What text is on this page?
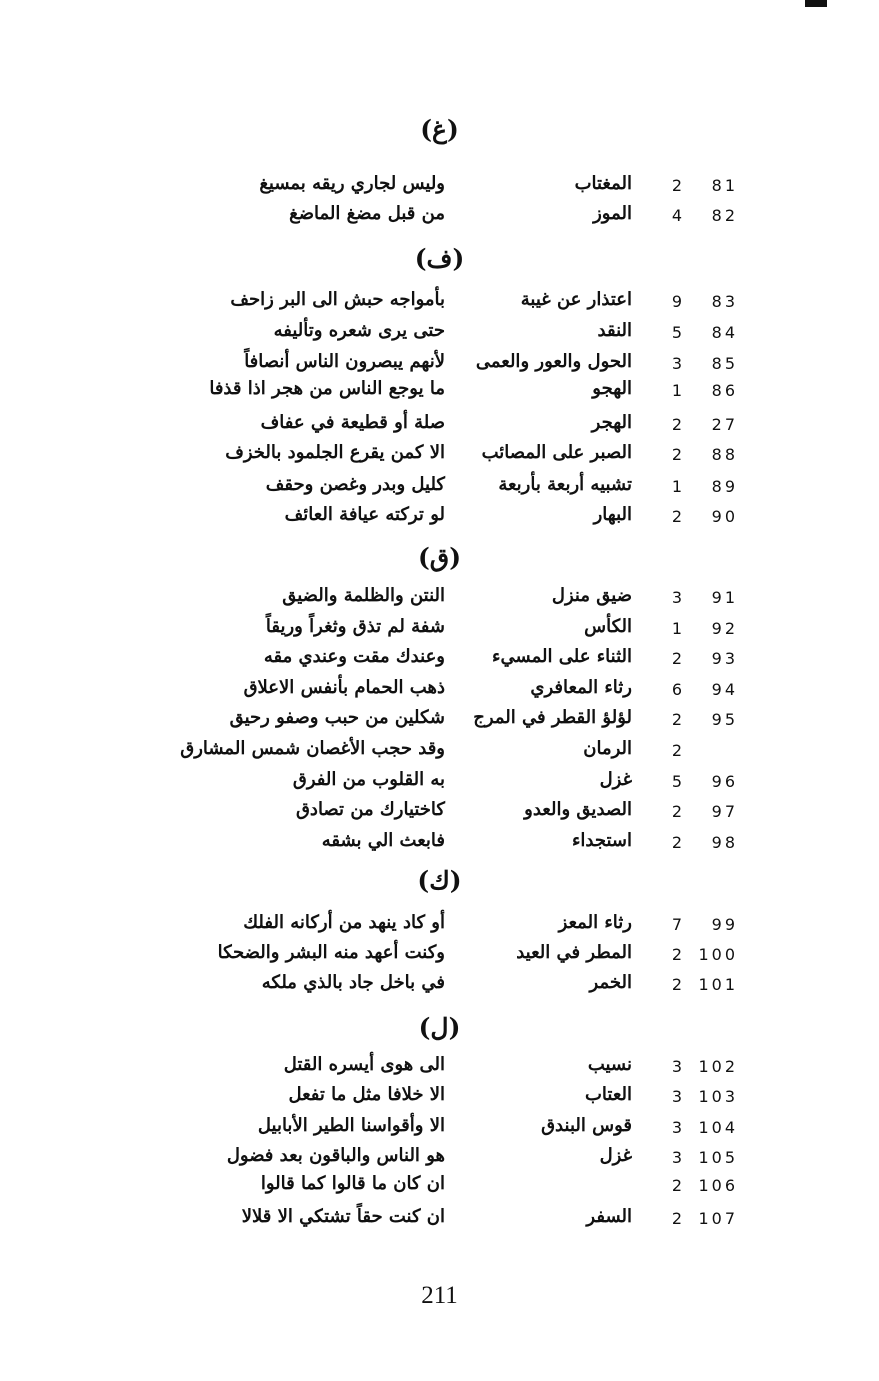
(غ)
81
2
المغتاب
وليس لجاري ريقه بمسيغ
82
4
الموز
من قبل مضغ الماضغ
(ف)
83
9
اعتذار عن غيبة
بأمواجه حبش الى البر زاحف
84
5
النقد
حتى يرى شعره وتأليفه
85
3
الحول والعور والعمى
لأنهم يبصرون الناس أنصافاً
86
1
الهجو
ما يوجع الناس من هجر اذا قذفا
27
2
الهجر
صلة أو قطيعة في عفاف
88
2
الصبر على المصائب
الا كمن يقرع الجلمود بالخزف
89
1
تشبيه أربعة بأربعة
كليل وبدر وغصن وحقف
90
2
البهار
لو تركته عيافة العائف
(ق)
91
3
ضيق منزل
النتن والظلمة والضيق
92
1
الكأس
شفة لم تذق وثغراً وريقاً
93
2
الثناء على المسيء
وعندك مقت وعندي مقه
94
6
رثاء المعافري
ذهب الحمام بأنفس الاعلاق
95
2
لؤلؤ القطر في المرج
شكلين من حبب وصفو رحيق
2
الرمان
وقد حجب الأغصان شمس المشارق
96
5
غزل
به القلوب من الفرق
97
2
الصديق والعدو
كاختيارك من تصادق
98
2
استجداء
فابعث الي بشقه
(ك)
99
7
رثاء المعز
أو كاد ينهد من أركانه الفلك
100
2
المطر في العيد
وكنت أعهد منه البشر والضحكا
101
2
الخمر
في باخل جاد بالذي ملكه
(ل)
102
3
نسيب
الى هوى أيسره القتل
103
3
العتاب
الا خلافا مثل ما تفعل
104
3
قوس البندق
الا وأقواسنا الطير الأبابيل
105
3
غزل
هو الناس والباقون بعد فضول
106
2
ان كان ما قالوا كما قالوا
107
2
السفر
ان كنت حقاً تشتكي الا قلالا
211
